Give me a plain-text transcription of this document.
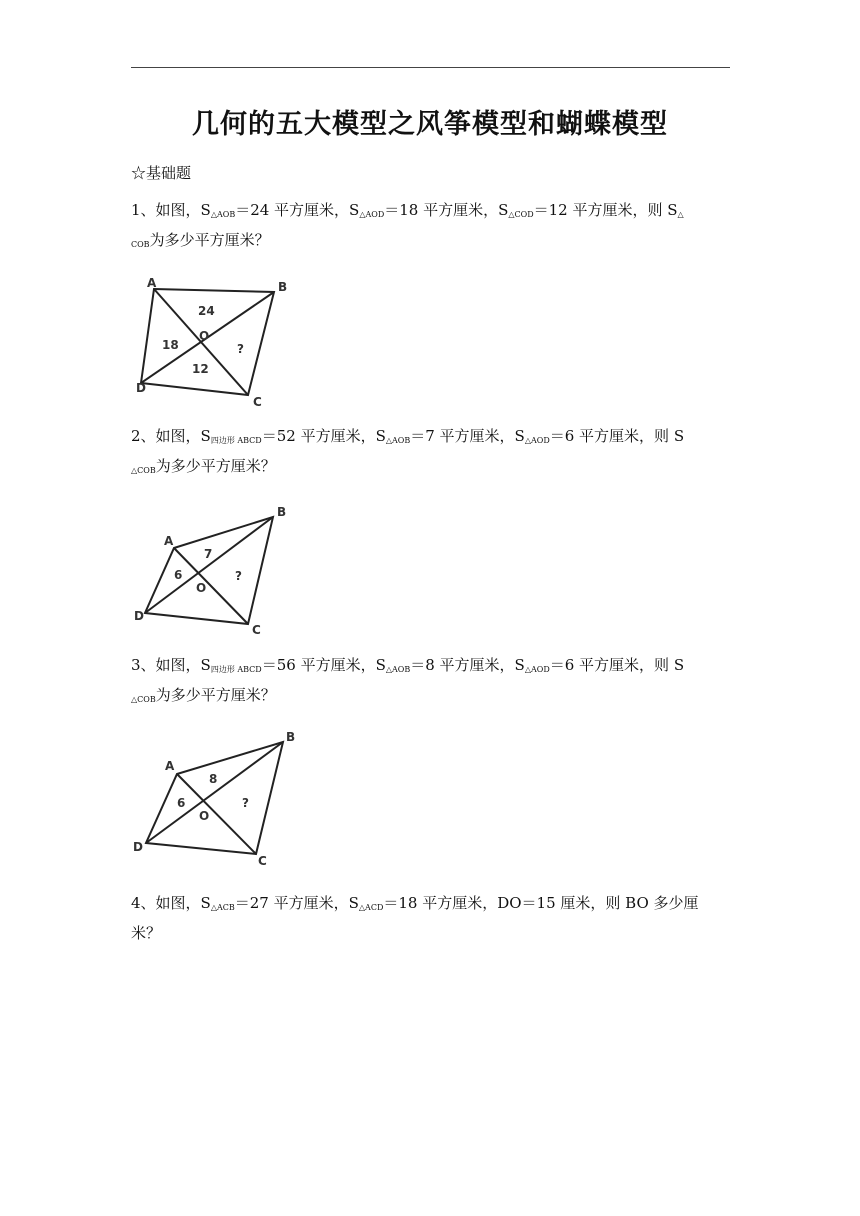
几何的五大模型之风筝模型和蝴蝶模型
☆基础题
1、如图，$S_{\triangle AOB}=24$ 平方厘米，$S_{\triangle AOD}=18$ 平方厘米，$S_{\triangle COD}=12$ 平方厘米，则 $S_\triangle$
$_{COB}$为多少平方厘米？
A	B
C
D
O
24
18
12
?
2、如图，$S_{四边形 ABCD}=52$ 平方厘米，$S_{\triangle AOB}=7$ 平方厘米，$S_{\triangle AOD}=6$ 平方厘米，则 S
$_{\triangle COB}$为多少平方厘米？
A
B
C
D
O
7
6	?
3、如图，$S_{四边形 ABCD}=56$ 平方厘米，$S_{\triangle AOB}=8$ 平方厘米，$S_{\triangle AOD}=6$ 平方厘米，则 S
$_{\triangle COB}$为多少平方厘米？
A
B
C
D
O
8
6	?
4、如图，$S_{\triangle ACB}=27$ 平方厘米，$S_{\triangle ACD}=18$ 平方厘米，DO＝15 厘米，则 BO 多少厘
米？
